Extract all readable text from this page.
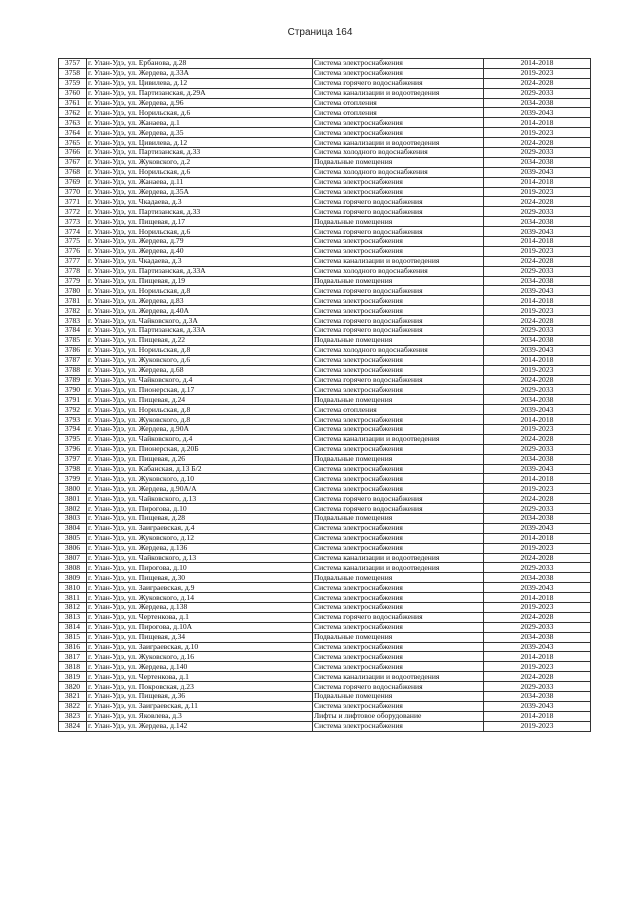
Страница 164
3757	г. Улан-Удэ, ул. Ербанова, д.28	Система электроснабжения	2014-2018
3758	г. Улан-Удэ, ул. Жердева, д.33А	Система электроснабжения	2019-2023
3759	г. Улан-Удэ, ул. Цивилева, д.12	Система горячего водоснабжения	2024-2028
3760	г. Улан-Удэ, ул. Партизанская, д.29А	Система канализации и водоотведения	2029-2033
3761	г. Улан-Удэ, ул. Жердева, д.96	Система отопления	2034-2038
3762	г. Улан-Удэ, ул. Норильская, д.6	Система отопления	2039-2043
3763	г. Улан-Удэ, ул. Жанаева, д.1	Система электроснабжения	2014-2018
3764	г. Улан-Удэ, ул. Жердева, д.35	Система электроснабжения	2019-2023
3765	г. Улан-Удэ, ул. Цивилева, д.12	Система канализации и водоотведения	2024-2028
3766	г. Улан-Удэ, ул. Партизанская, д.33	Система холодного водоснабжения	2029-2033
3767	г. Улан-Удэ, ул. Жуковского, д.2	Подвальные помещения	2034-2038
3768	г. Улан-Удэ, ул. Норильская, д.6	Система холодного водоснабжения	2039-2043
3769	г. Улан-Удэ, ул. Жанаева, д.11	Система электроснабжения	2014-2018
3770	г. Улан-Удэ, ул. Жердева, д.35А	Система электроснабжения	2019-2023
3771	г. Улан-Удэ, ул. Чкадаева, д.3	Система горячего водоснабжения	2024-2028
3772	г. Улан-Удэ, ул. Партизанская, д.33	Система горячего водоснабжения	2029-2033
3773	г. Улан-Удэ, ул. Пищевая, д.17	Подвальные помещения	2034-2038
3774	г. Улан-Удэ, ул. Норильская, д.6	Система горячего водоснабжения	2039-2043
3775	г. Улан-Удэ, ул. Жердева, д.79	Система электроснабжения	2014-2018
3776	г. Улан-Удэ, ул. Жердева, д.40	Система электроснабжения	2019-2023
3777	г. Улан-Удэ, ул. Чкадаева, д.3	Система канализации и водоотведения	2024-2028
3778	г. Улан-Удэ, ул. Партизанская, д.33А	Система холодного водоснабжения	2029-2033
3779	г. Улан-Удэ, ул. Пищевая, д.19	Подвальные помещения	2034-2038
3780	г. Улан-Удэ, ул. Норильская, д.8	Система горячего водоснабжения	2039-2043
3781	г. Улан-Удэ, ул. Жердева, д.83	Система электроснабжения	2014-2018
3782	г. Улан-Удэ, ул. Жердева, д.40А	Система электроснабжения	2019-2023
3783	г. Улан-Удэ, ул. Чайковского, д.3А	Система горячего водоснабжения	2024-2028
3784	г. Улан-Удэ, ул. Партизанская, д.33А	Система горячего водоснабжения	2029-2033
3785	г. Улан-Удэ, ул. Пищевая, д.22	Подвальные помещения	2034-2038
3786	г. Улан-Удэ, ул. Норильская, д.8	Система холодного водоснабжения	2039-2043
3787	г. Улан-Удэ, ул. Жуковского, д.6	Система электроснабжения	2014-2018
3788	г. Улан-Удэ, ул. Жердева, д.68	Система электроснабжения	2019-2023
3789	г. Улан-Удэ, ул. Чайковского, д.4	Система горячего водоснабжения	2024-2028
3790	г. Улан-Удэ, ул. Пионерская, д.17	Система электроснабжения	2029-2033
3791	г. Улан-Удэ, ул. Пищевая, д.24	Подвальные помещения	2034-2038
3792	г. Улан-Удэ, ул. Норильская, д.8	Система отопления	2039-2043
3793	г. Улан-Удэ, ул. Жуковского, д.8	Система электроснабжения	2014-2018
3794	г. Улан-Удэ, ул. Жердева, д.90А	Система электроснабжения	2019-2023
3795	г. Улан-Удэ, ул. Чайковского, д.4	Система канализации и водоотведения	2024-2028
3796	г. Улан-Удэ, ул. Пионерская, д.20Б	Система электроснабжения	2029-2033
3797	г. Улан-Удэ, ул. Пищевая, д.26	Подвальные помещения	2034-2038
3798	г. Улан-Удэ, ул. Кабанская, д.13 Б/2	Система электроснабжения	2039-2043
3799	г. Улан-Удэ, ул. Жуковского, д.10	Система электроснабжения	2014-2018
3800	г. Улан-Удэ, ул. Жердева, д.90А/А	Система электроснабжения	2019-2023
3801	г. Улан-Удэ, ул. Чайковского, д.13	Система горячего водоснабжения	2024-2028
3802	г. Улан-Удэ, ул. Пирогова, д.10	Система горячего водоснабжения	2029-2033
3803	г. Улан-Удэ, ул. Пищевая, д.28	Подвальные помещения	2034-2038
3804	г. Улан-Удэ, ул. Заиграевская, д.4	Система электроснабжения	2039-2043
3805	г. Улан-Удэ, ул. Жуковского, д.12	Система электроснабжения	2014-2018
3806	г. Улан-Удэ, ул. Жердева, д.136	Система электроснабжения	2019-2023
3807	г. Улан-Удэ, ул. Чайковского, д.13	Система канализации и водоотведения	2024-2028
3808	г. Улан-Удэ, ул. Пирогова, д.10	Система канализации и водоотведения	2029-2033
3809	г. Улан-Удэ, ул. Пищевая, д.30	Подвальные помещения	2034-2038
3810	г. Улан-Удэ, ул. Заиграевская, д.9	Система электроснабжения	2039-2043
3811	г. Улан-Удэ, ул. Жуковского, д.14	Система электроснабжения	2014-2018
3812	г. Улан-Удэ, ул. Жердева, д.138	Система электроснабжения	2019-2023
3813	г. Улан-Удэ, ул. Чертенкова, д.1	Система горячего водоснабжения	2024-2028
3814	г. Улан-Удэ, ул. Пирогова, д.10А	Система электроснабжения	2029-2033
3815	г. Улан-Удэ, ул. Пищевая, д.34	Подвальные помещения	2034-2038
3816	г. Улан-Удэ, ул. Заиграевская, д.10	Система электроснабжения	2039-2043
3817	г. Улан-Удэ, ул. Жуковского, д.16	Система электроснабжения	2014-2018
3818	г. Улан-Удэ, ул. Жердева, д.140	Система электроснабжения	2019-2023
3819	г. Улан-Удэ, ул. Чертенкова, д.1	Система канализации и водоотведения	2024-2028
3820	г. Улан-Удэ, ул. Покровская, д.23	Система горячего водоснабжения	2029-2033
3821	г. Улан-Удэ, ул. Пищевая, д.36	Подвальные помещения	2034-2038
3822	г. Улан-Удэ, ул. Заиграевская, д.11	Система электроснабжения	2039-2043
3823	г. Улан-Удэ, ул. Яковлева, д.3	Лифты и лифтовое оборудование	2014-2018
3824	г. Улан-Удэ, ул. Жердева, д.142	Система электроснабжения	2019-2023
